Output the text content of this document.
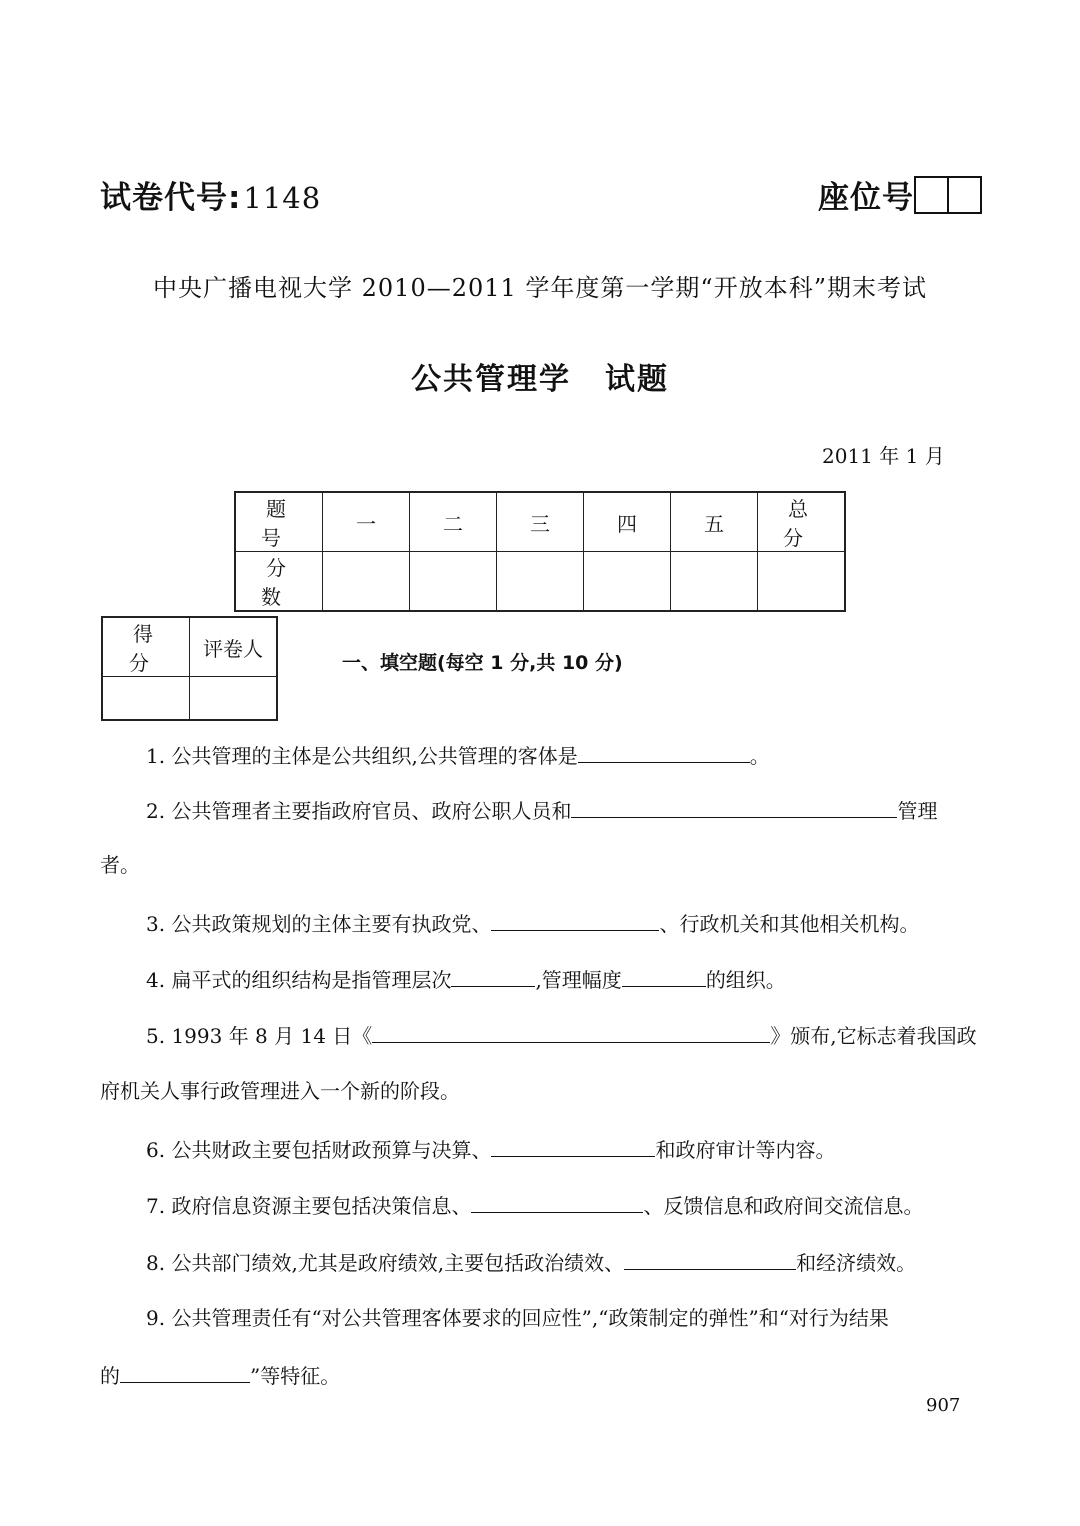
试卷代号:1148	座位号
中央广播电视大学 2010—2011 学年度第一学期“开放本科”期末考试
公共管理学 试题
2011 年 1 月
题 号	一	二	三	四	五	总 分
分 数						
得 分	评卷人

一、填空题(每空 1 分,共 10 分)
1. 公共管理的主体是公共组织,公共管理的客体是	。
2. 公共管理者主要指政府官员、政府公职人员和	管理
者。
3. 公共政策规划的主体主要有执政党、	、行政机关和其他相关机构。
4. 扁平式的组织结构是指管理层次	,管理幅度	的组织。
5. 1993 年 8 月 14 日《	》颁布,它标志着我国政
府机关人事行政管理进入一个新的阶段。
6. 公共财政主要包括财政预算与决算、	和政府审计等内容。
7. 政府信息资源主要包括决策信息、	、反馈信息和政府间交流信息。
8. 公共部门绩效,尤其是政府绩效,主要包括政治绩效、	和经济绩效。
9. 公共管理责任有“对公共管理客体要求的回应性”,“政策制定的弹性”和“对行为结果
的	”等特征。
907
